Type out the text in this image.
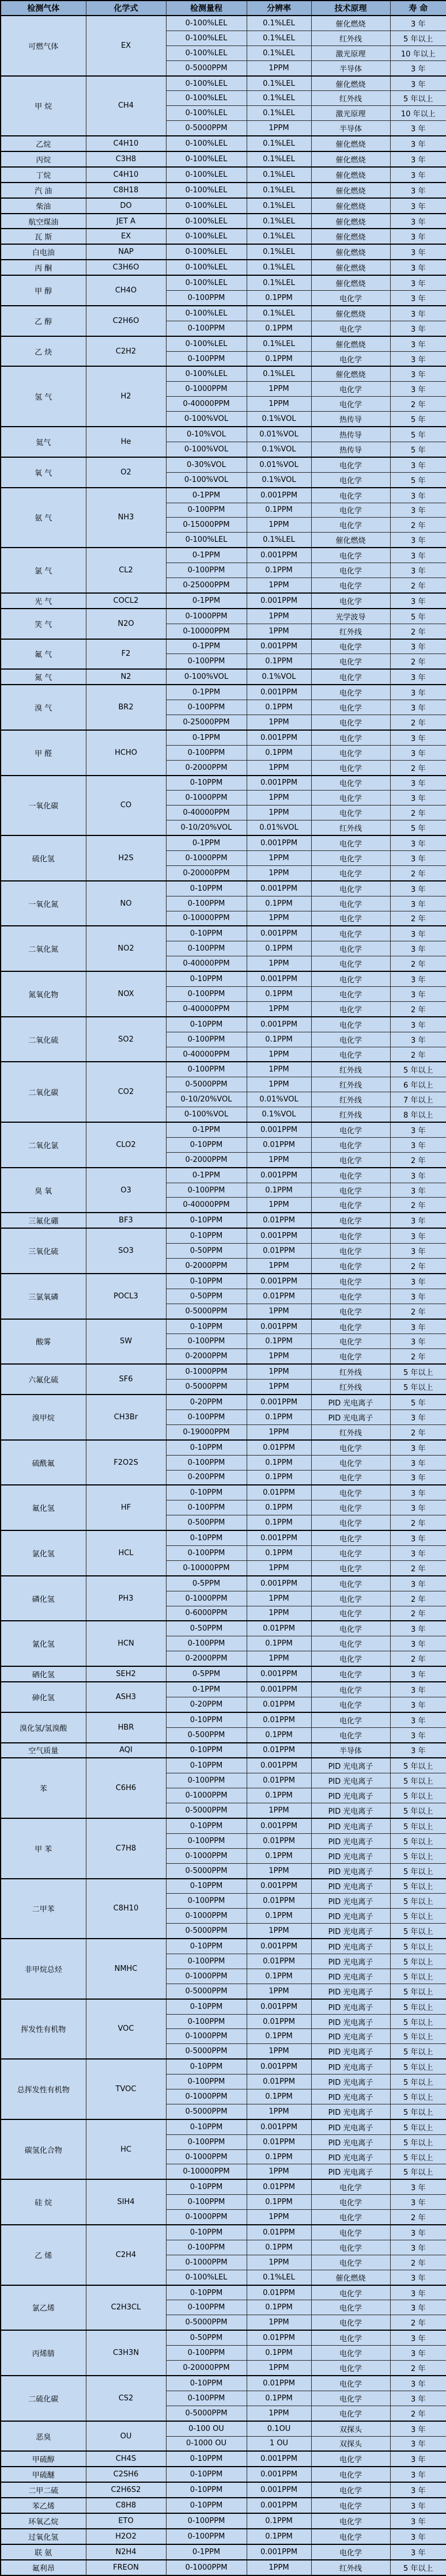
检测气体	化学式	检测量程	分辨率	技术原理	寿 命
可燃气体	EX	0-100%LEL	0.1%LEL	催化燃烧	3 年
		0-100%LEL	0.1%LEL	红外线	5 年以上
		0-100%LEL	0.1%LEL	激光原理	10 年以上
		0-5000PPM	1PPM	半导体	3 年
甲 烷	CH4	0-100%LEL	0.1%LEL	催化燃烧	3 年
		0-100%LEL	0.1%LEL	红外线	5 年以上
		0-100%LEL	0.1%LEL	激光原理	10 年以上
		0-5000PPM	1PPM	半导体	3 年
乙烷	C4H10	0-100%LEL	0.1%LEL	催化燃烧	3 年
丙烷	C3H8	0-100%LEL	0.1%LEL	催化燃烧	3 年
丁烷	C4H10	0-100%LEL	0.1%LEL	催化燃烧	3 年
汽 油	C8H18	0-100%LEL	0.1%LEL	催化燃烧	3 年
柴油	DO	0-100%LEL	0.1%LEL	催化燃烧	3 年
航空煤油	JET A	0-100%LEL	0.1%LEL	催化燃烧	3 年
瓦 斯	EX	0-100%LEL	0.1%LEL	催化燃烧	3 年
白电油	NAP	0-100%LEL	0.1%LEL	催化燃烧	3 年
丙 酮	C3H6O	0-100%LEL	0.1%LEL	催化燃烧	3 年
甲 醇	CH4O	0-100%LEL	0.1%LEL	催化燃烧	3 年
		0-100PPM	0.1PPM	电化学	3 年
乙 醇	C2H6O	0-100%LEL	0.1%LEL	催化燃烧	3 年
		0-100PPM	0.1PPM	电化学	3 年
乙 炔	C2H2	0-100%LEL	0.1%LEL	催化燃烧	3 年
		0-100PPM	0.1PPM	电化学	3 年
氢 气	H2	0-100%LEL	0.1%LEL	催化燃烧	3 年
		0-1000PPM	1PPM	电化学	3 年
		0-40000PPM	1PPM	电化学	2 年
		0-100%VOL	0.1%VOL	热传导	5 年
氦气	He	0-10%VOL	0.01%VOL	热传导	5 年
		0-100%VOL	0.1%VOL	热传导	5 年
氧 气	O2	0-30%VOL	0.01%VOL	电化学	3 年
		0-100%VOL	0.1%VOL	电化学	5 年
氨 气	NH3	0-1PPM	0.001PPM	电化学	3 年
		0-100PPM	0.1PPM	电化学	3 年
		0-15000PPM	1PPM	电化学	2 年
		0-100%LEL	0.1%LEL	催化燃烧	3 年
氯 气	CL2	0-1PPM	0.001PPM	电化学	3 年
		0-100PPM	0.1PPM	电化学	3 年
		0-25000PPM	1PPM	电化学	2 年
光 气	COCL2	0-1PPM	0.001PPM	电化学	3 年
笑 气	N2O	0-1000PPM	1PPM	光学波导	5 年
		0-10000PPM	1PPM	红外线	2 年
氟 气	F2	0-1PPM	0.001PPM	电化学	3 年
		0-100PPM	0.1PPM	电化学	2 年
氮 气	N2	0-100%VOL	0.1%VOL	电化学	3 年
溴 气	BR2	0-1PPM	0.001PPM	电化学	3 年
		0-100PPM	0.1PPM	电化学	3 年
		0-25000PPM	1PPM	电化学	2 年
甲 醛	HCHO	0-1PPM	0.001PPM	电化学	3 年
		0-100PPM	0.1PPM	电化学	3 年
		0-2000PPM	1PPM	电化学	2 年
一氧化碳	CO	0-10PPM	0.001PPM	电化学	3 年
		0-1000PPM	1PPM	电化学	3 年
		0-40000PPM	1PPM	电化学	2 年
		0-10/20%VOL	0.01%VOL	红外线	5 年
硫化氢	H2S	0-1PPM	0.001PPM	电化学	3 年
		0-1000PPM	1PPM	电化学	3 年
		0-20000PPM	1PPM	电化学	2 年
一氧化氮	NO	0-10PPM	0.001PPM	电化学	3 年
		0-100PPM	0.1PPM	电化学	3 年
		0-10000PPM	1PPM	电化学	2 年
二氧化氮	NO2	0-10PPM	0.001PPM	电化学	3 年
		0-100PPM	0.1PPM	电化学	3 年
		0-40000PPM	1PPM	电化学	2 年
氮氧化物	NOX	0-10PPM	0.001PPM	电化学	3 年
		0-100PPM	0.1PPM	电化学	3 年
		0-40000PPM	1PPM	电化学	2 年
二氧化硫	SO2	0-10PPM	0.001PPM	电化学	3 年
		0-100PPM	0.1PPM	电化学	3 年
		0-40000PPM	1PPM	电化学	2 年
二氧化碳	CO2	0-100PPM	1PPM	红外线	5 年以上
		0-5000PPM	1PPM	红外线	6 年以上
		0-10/20%VOL	0.01%VOL	红外线	7 年以上
		0-100%VOL	0.1%VOL	红外线	8 年以上
二氧化氯	CLO2	0-1PPM	0.001PPM	电化学	3 年
		0-10PPM	0.01PPM	电化学	3 年
		0-2000PPM	1PPM	电化学	2 年
臭 氧	O3	0-1PPM	0.001PPM	电化学	3 年
		0-100PPM	0.1PPM	电化学	3 年
		0-40000PPM	1PPM	电化学	2 年
三氟化硼	BF3	0-10PPM	0.01PPM	电化学	3 年
三氧化硫	SO3	0-10PPM	0.001PPM	电化学	3 年
		0-50PPM	0.01PPM	电化学	3 年
		0-2000PPM	1PPM	电化学	2 年
三氯氧磷	POCL3	0-10PPM	0.001PPM	电化学	3 年
		0-50PPM	0.01PPM	电化学	3 年
		0-5000PPM	1PPM	电化学	2 年
酸雾	SW	0-10PPM	0.001PPM	电化学	3 年
		0-100PPM	0.1PPM	电化学	3 年
		0-2000PPM	1PPM	电化学	2 年
六氟化硫	SF6	0-1000PPM	1PPM	红外线	5 年以上
		0-5000PPM	1PPM	红外线	5 年以上
溴甲烷	CH3Br	0-20PPM	0.001PPM	PID 光电离子	5 年
		0-100PPM	0.1PPM	PID 光电离子	3 年
		0-19000PPM	1PPM	红外线	2 年
硫酰氟	F2O2S	0-10PPM	0.01PPM	电化学	3 年
		0-100PPM	0.1PPM	电化学	3 年
		0-200PPM	0.1PPM	电化学	3 年
氟化氢	HF	0-10PPM	0.01PPM	电化学	3 年
		0-100PPM	0.1PPM	电化学	3 年
		0-500PPM	0.1PPM	电化学	2 年
氯化氢	HCL	0-10PPM	0.001PPM	电化学	3 年
		0-100PPM	0.1PPM	电化学	3 年
		0-10000PPM	1PPM	电化学	2 年
磷化氢	PH3	0-5PPM	0.001PPM	电化学	3 年
		0-1000PPM	1PPM	电化学	2 年
		0-6000PPM	1PPM	电化学	2 年
氰化氢	HCN	0-50PPM	0.01PPM	电化学	3 年
		0-100PPM	0.1PPM	电化学	3 年
		0-2000PPM	1PPM	电化学	2 年
硒化氢	SEH2	0-5PPM	0.001PPM	电化学	3 年
砷化氢	ASH3	0-1PPM	0.001PPM	电化学	3 年
		0-20PPM	0.01PPM	电化学	3 年
溴化氢/氢溴酸	HBR	0-10PPM	0.01PPM	电化学	3 年
		0-500PPM	0.1PPM	电化学	3 年
空气质量	AQI	0-10PPM	0.01PPM	半导体	3 年
苯	C6H6	0-10PPM	0.001PPM	PID 光电离子	5 年以上
		0-100PPM	0.01PPM	PID 光电离子	5 年以上
		0-1000PPM	0.1PPM	PID 光电离子	5 年以上
		0-5000PPM	1PPM	PID 光电离子	5 年以上
甲 苯	C7H8	0-10PPM	0.001PPM	PID 光电离子	5 年以上
		0-100PPM	0.01PPM	PID 光电离子	5 年以上
		0-1000PPM	0.1PPM	PID 光电离子	5 年以上
		0-5000PPM	1PPM	PID 光电离子	5 年以上
二甲苯	C8H10	0-10PPM	0.001PPM	PID 光电离子	5 年以上
		0-100PPM	0.01PPM	PID 光电离子	5 年以上
		0-1000PPM	0.1PPM	PID 光电离子	5 年以上
		0-5000PPM	1PPM	PID 光电离子	5 年以上
非甲烷总烃	NMHC	0-10PPM	0.001PPM	PID 光电离子	5 年以上
		0-100PPM	0.01PPM	PID 光电离子	5 年以上
		0-1000PPM	0.1PPM	PID 光电离子	5 年以上
		0-5000PPM	1PPM	PID 光电离子	5 年以上
挥发性有机物	VOC	0-10PPM	0.001PPM	PID 光电离子	5 年以上
		0-100PPM	0.01PPM	PID 光电离子	5 年以上
		0-1000PPM	0.1PPM	PID 光电离子	5 年以上
		0-5000PPM	1PPM	PID 光电离子	5 年以上
总挥发性有机物	TVOC	0-10PPM	0.001PPM	PID 光电离子	5 年以上
		0-100PPM	0.01PPM	PID 光电离子	5 年以上
		0-1000PPM	0.1PPM	PID 光电离子	5 年以上
		0-5000PPM	1PPM	PID 光电离子	5 年以上
碳氢化合物	HC	0-10PPM	0.001PPM	PID 光电离子	5 年以上
		0-100PPM	0.01PPM	PID 光电离子	5 年以上
		0-1000PPM	0.1PPM	PID 光电离子	5 年以上
		0-10000PPM	1PPM	PID 光电离子	5 年以上
硅 烷	SIH4	0-10PPM	0.01PPM	电化学	3 年
		0-100PPM	0.1PPM	电化学	3 年
		0-1000PPM	1PPM	电化学	2 年
乙 烯	C2H4	0-10PPM	0.01PPM	电化学	3 年
		0-100PPM	0.1PPM	电化学	3 年
		0-1000PPM	1PPM	电化学	2 年
		0-100%LEL	0.1%LEL	催化燃烧	3 年
氯乙烯	C2H3CL	0-10PPM	0.01PPM	电化学	3 年
		0-100PPM	0.1PPM	电化学	3 年
		0-5000PPM	1PPM	电化学	2 年
丙烯腈	C3H3N	0-50PPM	0.01PPM	电化学	3 年
		0-100PPM	0.1PPM	电化学	3 年
		0-20000PPM	1PPM	电化学	2 年
二硫化碳	CS2	0-10PPM	0.01PPM	电化学	3 年
		0-100PPM	0.1PPM	电化学	3 年
		0-5000PPM	1PPM	电化学	2 年
恶臭	OU	0-100 OU	0.1OU	双探头	3 年
		0-1000 OU	1 OU	双探头	3 年
甲硫醇	CH4S	0-10PPM	0.001PPM	电化学	3 年
甲硫醚	C2SH6	0-10PPM	0.001PPM	电化学	3 年
二甲二硫	C2H6S2	0-10PPM	0.001PPM	电化学	3 年
苯乙烯	C8H8	0-10PPM	0.001PPM	电化学	3 年
环氧乙烷	ETO	0-100PPM	0.1PPM	电化学	3 年
过氧化氢	H2O2	0-100PPM	0.1PPM	电化学	3 年
联 氨	N2H4	0-1PPM	0.001PPM	电化学	3 年
氟利昂	FREON	0-1000PPM	1PPM	红外线	5 年以上
